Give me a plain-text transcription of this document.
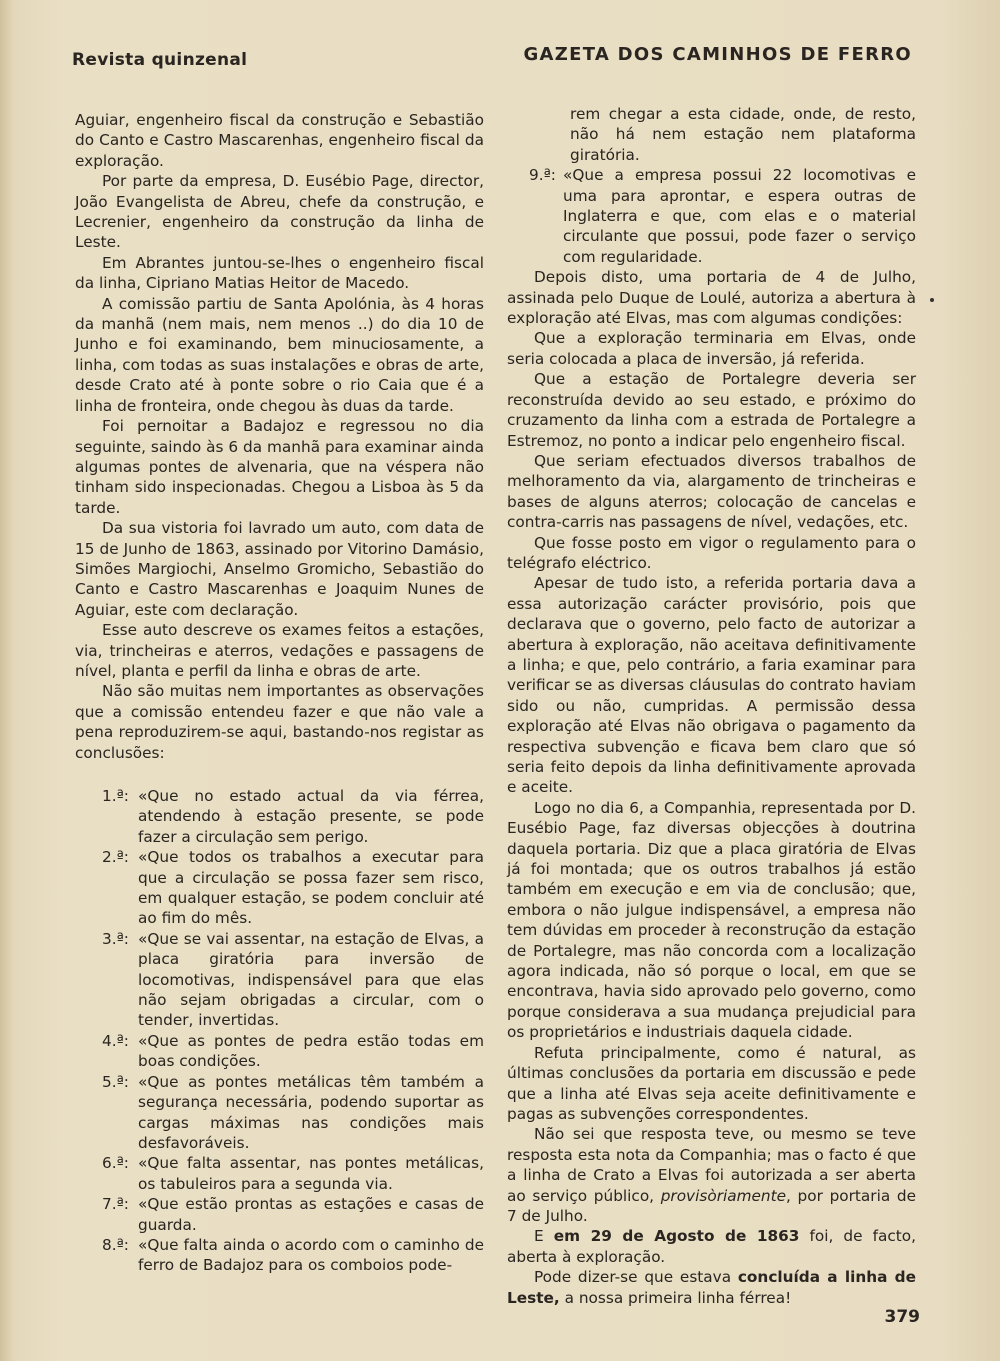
Revista quinzenal	GAZETA DOS CAMINHOS DE FERRO

Aguiar, engenheiro fiscal da construção e Sebastião do Canto e Castro Mascarenhas, engenheiro fiscal da exploração.

Por parte da empresa, D. Eusébio Page, director, João Evangelista de Abreu, chefe da construção, e Lecrenier, engenheiro da construção da linha de Leste.

Em Abrantes juntou-se-lhes o engenheiro fiscal da linha, Cipriano Matias Heitor de Macedo.

A comissão partiu de Santa Apolónia, às 4 horas da manhã (nem mais, nem menos ..) do dia 10 de Junho e foi examinando, bem minuciosamente, a linha, com todas as suas instalações e obras de arte, desde Crato até à ponte sobre o rio Caia que é a linha de fronteira, onde chegou às duas da tarde.

Foi pernoitar a Badajoz e regressou no dia seguinte, saindo às 6 da manhã para examinar ainda algumas pontes de alvenaria, que na véspera não tinham sido inspecionadas. Chegou a Lisboa às 5 da tarde.

Da sua vistoria foi lavrado um auto, com data de 15 de Junho de 1863, assinado por Vitorino Damásio, Simões Margiochi, Anselmo Gromicho, Sebastião do Canto e Castro Mascarenhas e Joaquim Nunes de Aguiar, este com declaração.

Esse auto descreve os exames feitos a estações, via, trincheiras e aterros, vedações e passagens de nível, planta e perfil da linha e obras de arte.

Não são muitas nem importantes as observações que a comissão entendeu fazer e que não vale a pena reproduzirem-se aqui, bastando-nos registar as conclusões:

1.ª: «Que no estado actual da via férrea, atendendo à estação presente, se pode fazer a circulação sem perigo.
2.ª: «Que todos os trabalhos a executar para que a circulação se possa fazer sem risco, em qualquer estação, se podem concluir até ao fim do mês.
3.ª: «Que se vai assentar, na estação de Elvas, a placa giratória para inversão de locomotivas, indispensável para que elas não sejam obrigadas a circular, com o tender, invertidas.
4.ª: «Que as pontes de pedra estão todas em boas condições.
5.ª: «Que as pontes metálicas têm também a segurança necessária, podendo suportar as cargas máximas nas condições mais desfavoráveis.
6.ª: «Que falta assentar, nas pontes metálicas, os tabuleiros para a segunda via.
7.ª: «Que estão prontas as estações e casas de guarda.
8.ª: «Que falta ainda o acordo com o caminho de ferro de Badajoz para os comboios pode-

rem chegar a esta cidade, onde, de resto, não há nem estação nem plataforma giratória.

9.ª: «Que a empresa possui 22 locomotivas e uma para aprontar, e espera outras de Inglaterra e que, com elas e o material circulante que possui, pode fazer o serviço com regularidade.

Depois disto, uma portaria de 4 de Julho, assinada pelo Duque de Loulé, autoriza a abertura à exploração até Elvas, mas com algumas condições:

Que a exploração terminaria em Elvas, onde seria colocada a placa de inversão, já referida.

Que a estação de Portalegre deveria ser reconstruída devido ao seu estado, e próximo do cruzamento da linha com a estrada de Portalegre a Estremoz, no ponto a indicar pelo engenheiro fiscal.

Que seriam efectuados diversos trabalhos de melhoramento da via, alargamento de trincheiras e bases de alguns aterros; colocação de cancelas e contra-carris nas passagens de nível, vedações, etc.

Que fosse posto em vigor o regulamento para o telégrafo eléctrico.

Apesar de tudo isto, a referida portaria dava a essa autorização carácter provisório, pois que declarava que o governo, pelo facto de autorizar a abertura à exploração, não aceitava definitivamente a linha; e que, pelo contrário, a faria examinar para verificar se as diversas cláusulas do contrato haviam sido ou não, cumpridas. A permissão dessa exploração até Elvas não obrigava o pagamento da respectiva subvenção e ficava bem claro que só seria feito depois da linha definitivamente aprovada e aceite.

Logo no dia 6, a Companhia, representada por D. Eusébio Page, faz diversas objecções à doutrina daquela portaria. Diz que a placa giratória de Elvas já foi montada; que os outros trabalhos já estão também em execução e em via de conclusão; que, embora o não julgue indispensável, a empresa não tem dúvidas em proceder à reconstrução da estação de Portalegre, mas não concorda com a localização agora indicada, não só porque o local, em que se encontrava, havia sido aprovado pelo governo, como porque considerava a sua mudança prejudicial para os proprietários e industriais daquela cidade.

Refuta principalmente, como é natural, as últimas conclusões da portaria em discussão e pede que a linha até Elvas seja aceite definitivamente e pagas as subvenções correspondentes.

Não sei que resposta teve, ou mesmo se teve resposta esta nota da Companhia; mas o facto é que a linha de Crato a Elvas foi autorizada a ser aberta ao serviço público, provisòriamente, por portaria de 7 de Julho.

E em 29 de Agosto de 1863 foi, de facto, aberta à exploração.

Pode dizer-se que estava concluída a linha de Leste, a nossa primeira linha férrea!

379
